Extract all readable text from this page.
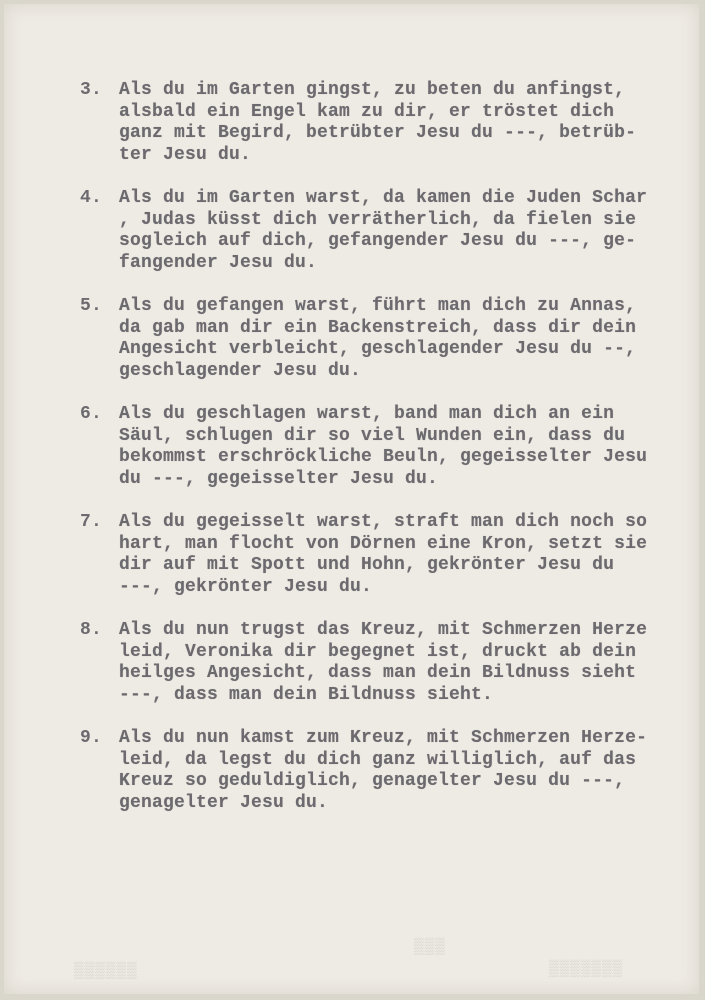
3. Als du im Garten gingst, zu beten du anfingst,
alsbald ein Engel kam zu dir, er tröstet dich
ganz mit Begird, betrübter Jesu du ---, betrüb-
ter Jesu du.
4. Als du im Garten warst, da kamen die Juden Schar
, Judas küsst dich verrätherlich, da fielen sie
sogleich auf dich, gefangender Jesu du ---, ge-
fangender Jesu du.
5. Als du gefangen warst, führt man dich zu Annas,
da gab man dir ein Backenstreich, dass dir dein
Angesicht verbleicht, geschlagender Jesu du --,
geschlagender Jesu du.
6. Als du geschlagen warst, band man dich an ein
Säul, schlugen dir so viel Wunden ein, dass du
bekommst erschröckliche Beuln, gegeisselter Jesu
du ---, gegeisselter Jesu du.
7. Als du gegeisselt warst, straft man dich noch so
hart, man flocht von Dörnen eine Kron, setzt sie
dir auf mit Spott und Hohn, gekrönter Jesu du
---, gekrönter Jesu du.
8. Als du nun trugst das Kreuz, mit Schmerzen Herze
leid, Veronika dir begegnet ist, druckt ab dein
heilges Angesicht, dass man dein Bildnuss sieht
---, dass man dein Bildnuss sieht.
9. Als du nun kamst zum Kreuz, mit Schmerzen Herze-
leid, da legst du dich ganz williglich, auf das
Kreuz so geduldiglich, genagelter Jesu du ---,
genagelter Jesu du.
▒▒▒▒▒▒
▒▒▒
▒▒▒▒▒▒▒
